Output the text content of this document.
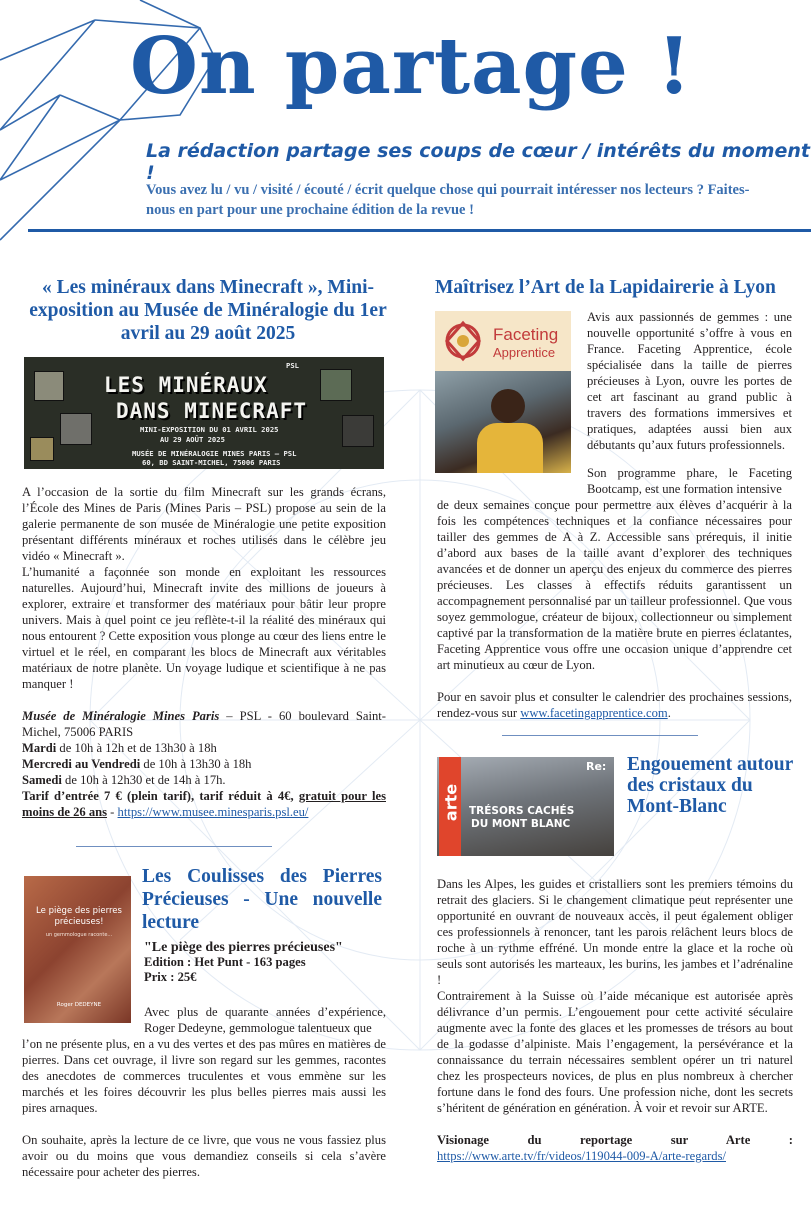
On partage !
La rédaction partage ses coups de cœur / intérêts du moment !
Vous avez lu / vu / visité / écouté / écrit quelque chose qui pourrait intéresser nos lecteurs ? Faites-nous en part pour une prochaine édition de la revue !
« Les minéraux dans Minecraft », Mini-exposition au Musée de Minéralogie du 1er avril au 29 août 2025
PSL
LES MINÉRAUX
DANS MINECRAFT
MINI-EXPOSITION DU 01 AVRIL 2025
AU 29 AOÛT 2025
MUSÉE DE MINÉRALOGIE MINES PARIS – PSL
60, BD SAINT-MICHEL, 75006 PARIS

A l’occasion de la sortie du film Minecraft sur les grands écrans, l’École des Mines de Paris (Mines Paris – PSL) propose au sein de la galerie permanente de son musée de Minéralogie une petite exposition présentant différents minéraux et roches utilisés dans le célèbre jeu vidéo « Minecraft ».

L’humanité a façonnée son monde en exploitant les ressources naturelles. Aujourd’hui, Minecraft invite des millions de joueurs à explorer, extraire et transformer des matériaux pour bâtir leur propre univers. Mais à quel point ce jeu reflète-t-il la réalité des minéraux qui nous entourent ? Cette exposition vous plonge au cœur des liens entre le virtuel et le réel, en comparant les blocs de Minecraft aux véritables matériaux de notre planète. Un voyage ludique et scientifique à ne pas manquer !

Musée de Minéralogie Mines Paris – PSL - 60 boulevard Saint-Michel, 75006 PARIS

Mardi de 10h à 12h et de 13h30 à 18h

Mercredi au Vendredi de 10h à 13h30 à 18h

Samedi de 10h à 12h30 et de 14h à 17h.

Tarif d’entrée 7 € (plein tarif), tarif réduit à 4€, gratuit pour les moins de 26 ans - https://www.musee.minesparis.psl.eu/

Le piège des pierres précieuses!
un gemmologue raconte...
Roger DEDEYNE
Les Coulisses des Pierres Précieuses - Une nouvelle lecture

"Le piège des pierres précieuses"

Edition : Het Punt - 163 pages

Prix : 25€

Avec plus de quarante années d’expérience, Roger Dedeyne, gemmologue talentueux que

l’on ne présente plus, en a vu des vertes et des pas mûres en matières de pierres. Dans cet ouvrage, il livre son regard sur les gemmes, racontes des anecdotes de commerces truculentes et vous emmène sur les marchés et les foires découvrir les plus belles pierres mais aussi les pires arnaques.

On souhaite, après la lecture de ce livre, que vous ne vous fassiez plus avoir ou du moins que vous demandiez conseils si cela s’avère nécessaire pour acheter des pierres.

Maîtrisez l’Art de la Lapidairerie à Lyon
Faceting
Apprentice

Avis aux passionnés de gemmes : une nouvelle opportunité s’offre à vous en France. Faceting Apprentice, école spécialisée dans la taille de pierres précieuses à Lyon, ouvre les portes de cet art fascinant au grand public à travers des formations immersives et pratiques, adaptées aussi bien aux débutants qu’aux futurs professionnels.

Son programme phare, le Faceting Bootcamp, est une formation intensive

de deux semaines conçue pour permettre aux élèves d’acquérir à la fois les compétences techniques et la confiance nécessaires pour tailler des gemmes de A à Z. Accessible sans prérequis, il initie d’abord aux bases de la taille avant d’explorer des techniques avancées et de donner un aperçu des enjeux du commerce des pierres précieuses. Les classes à effectifs réduits garantissent un accompagnement personnalisé par un tailleur professionnel. Que vous soyez gemmologue, créateur de bijoux, collectionneur ou simplement captivé par la transformation de la matière brute en pierres éclatantes, Faceting Apprentice vous offre une occasion unique d’apprendre cet art minutieux au cœur de Lyon.

Pour en savoir plus et consulter le calendrier des prochaines sessions, rendez-vous sur www.facetingapprentice.com.

arte
Re:
TRÉSORS CACHÉS
DU MONT BLANC
Engouement autour des cristaux du Mont-Blanc

Dans les Alpes, les guides et cristalliers sont les premiers témoins du retrait des glaciers. Si le changement climatique peut représenter une opportunité en ouvrant de nouveaux accès, il peut également obliger ces professionnels à renoncer, tant les parois relâchent leurs blocs de roche à un rythme effréné. Un monde entre la glace et la roche où seuls sont autorisés les marteaux, les burins, les jambes et l’adrénaline !

Contrairement à la Suisse où l’aide mécanique est autorisée après délivrance d’un permis. L’engouement pour cette activité séculaire augmente avec la fonte des glaces et les promesses de trésors au bout de la godasse d’alpiniste. Mais l’engagement, la persévérance et la connaissance du terrain nécessaires semblent opérer un tri naturel chez les prospecteurs novices, de plus en plus nombreux à chercher fortune dans le fond des fours. Une profession niche, dont les secrets s’héritent de génération en génération. À voir et revoir sur ARTE.

Visionage du reportage sur Arte : https://www.arte.tv/fr/videos/119044-009-A/arte-regards/
